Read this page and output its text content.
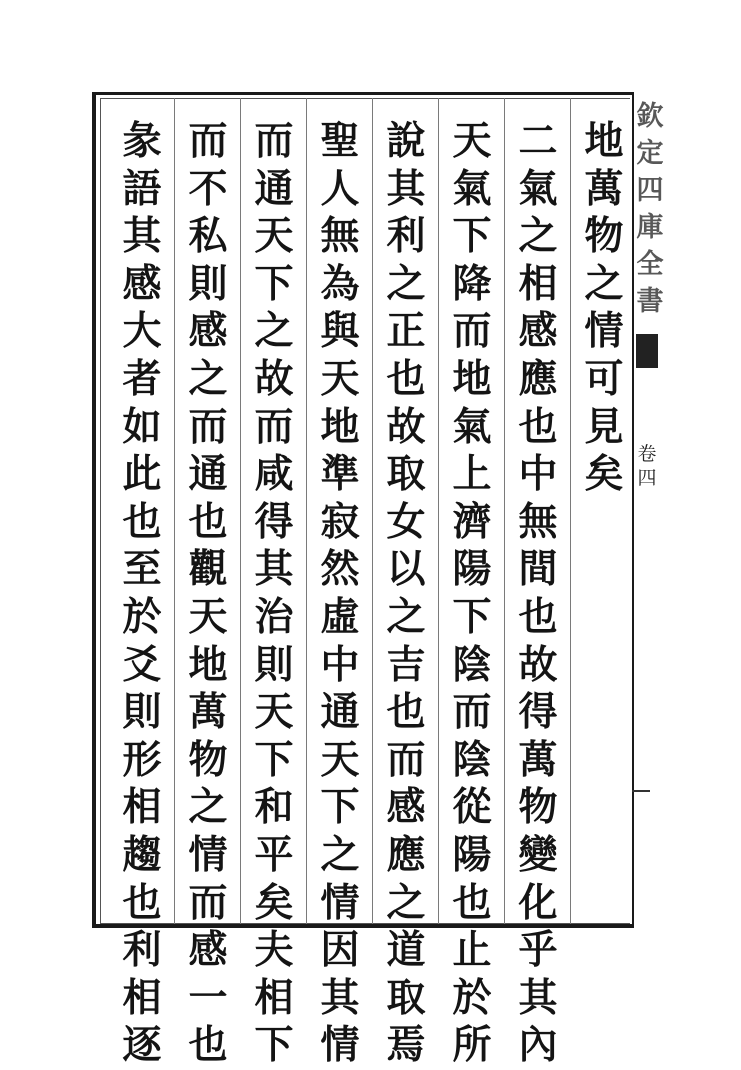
地
萬
物
之
情
可
見
矣
二
氣
之
相
感
應
也
中
無
間
也
故
得
萬
物
變
化
乎
其
內
天
氣
下
降
而
地
氣
上
濟
陽
下
陰
而
陰
從
陽
也
止
於
所
說
其
利
之
正
也
故
取
女
以
之
吉
也
而
感
應
之
道
取
焉
聖
人
無
為
與
天
地
準
寂
然
虛
中
通
天
下
之
情
因
其
情
而
通
天
下
之
故
而
咸
得
其
治
則
天
下
和
平
矣
夫
相
下
而
不
私
則
感
之
而
通
也
觀
天
地
萬
物
之
情
而
感
一
也
彖
語
其
感
大
者
如
此
也
至
於
爻
則
形
相
趨
也
利
相
逐
欽
定
四
庫
全
書
卷
四
